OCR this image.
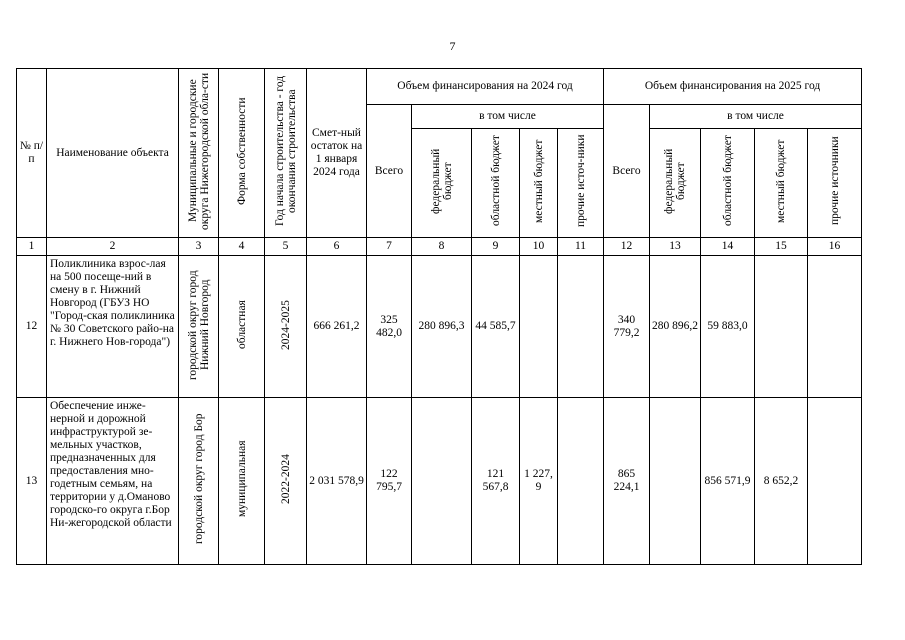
7
№ п/п	Наименование объекта	Муниципальные и городские округа Нижегородской обла-сти	Форма собственности	Год начала строительства - год окончания строительства	Смет-ный остаток на 1 января 2024 года	Объем финансирования на 2024 год					Объем финансирования на 2025 год				
						Всего	в том числе				Всего	в том числе			
							федеральный бюджет	областной бюджет	местный бюджет	прочие источ-ники		федеральный бюджет	областной бюджет	местный бюджет	прочие источники
1	2	3	4	5	6	7	8	9	10	11	12	13	14	15	16
12	Поликлиника взрос-лая на 500 посеще-ний в смену в г. Нижний Новгород (ГБУЗ НО "Город-ская поликлиника № 30 Советского райо-на г. Нижнего Нов-города")	городской округ город Нижний Новгород	областная	2024-2025	666 261,2	325 482,0	280 896,3	44 585,7			340 779,2	280 896,2	59 883,0		

13	Обеспечение инже-нерной и дорожной инфраструктурой зе-мельных участков, предназначенных для предоставления мно-годетным семьям, на территории у д.Оманово городско-го округа г.Бор Ни-жегородской области	городской округ город Бор	муниципальная	2022-2024	2 031 578,9	122 795,7		121 567,8	1 227, 9		865 224,1		856 571,9	8 652,2	
